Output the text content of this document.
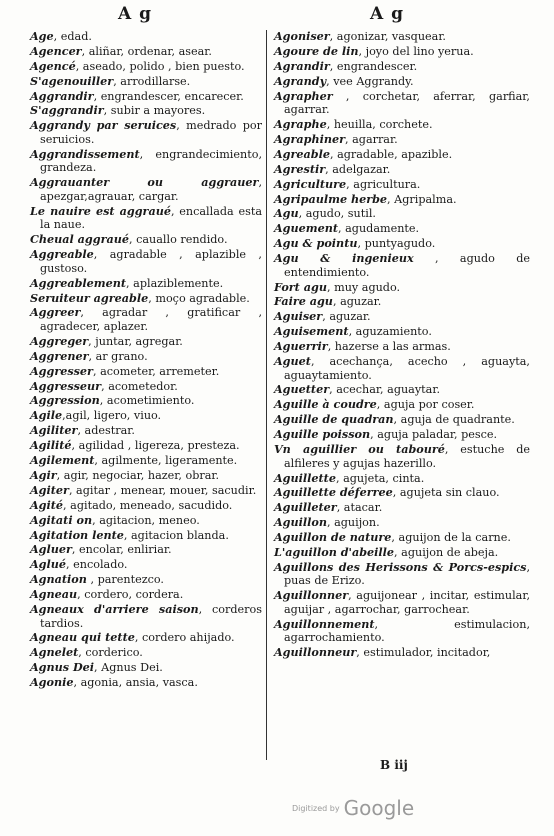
A g	A g

Age, edad.

Agencer, aliñar, ordenar, asear.

Agencé, aseado, polido , bien puesto.

S'agenouiller, arrodillarse.

Aggrandir, engrandescer, encarecer.

S'aggrandir, subir a mayores.

Aggrandy par seruices, medrado por seruicios.

Aggrandissement, engrandecimiento, grandeza.

Aggrauanter ou aggrauer, apezgar,agrauar, cargar.

Le nauire est aggraué, encallada esta la naue.

Cheual aggraué, cauallo rendido.

Aggreable, agradable , aplazible , gustoso.

Aggreablement, aplaziblemente.

Seruiteur agreable, moço agradable.

Aggreer, agradar , gratificar , agradecer, aplazer.

Aggreger, juntar, agregar.

Aggrener, ar grano.

Aggresser, acometer, arremeter.

Aggresseur, acometedor.

Aggression, acometimiento.

Agile,agil, ligero, viuo.

Agiliter, adestrar.

Agilité, agilidad , ligereza, presteza.

Agilement, agilmente, ligeramente.

Agir, agir, negociar, hazer, obrar.

Agiter, agitar , menear, mouer, sacudir.

Agité, agitado, meneado, sacudido.

Agitati on, agitacion, meneo.

Agitation lente, agitacion blanda.

Agluer, encolar, enliriar.

Aglué, encolado.

Agnation , parentezco.

Agneau, cordero, cordera.

Agneaux d'arriere saison, corderos tardios.

Agneau qui tette, cordero ahijado.

Agnelet, corderico.

Agnus Dei, Agnus Dei.

Agonie, agonia, ansia, vasca.

Agoniser, agonizar, vasquear.

Agoure de lin, joyo del lino yerua.

Agrandir, engrandescer.

Agrandy, vee Aggrandy.

Agrapher , corchetar, aferrar, garfiar, agarrar.

Agraphe, heuilla, corchete.

Agraphiner, agarrar.

Agreable, agradable, apazible.

Agrestir, adelgazar.

Agriculture, agricultura.

Agripaulme herbe, Agripalma.

Agu, agudo, sutil.

Aguement, agudamente.

Agu & pointu, puntyagudo.

Agu & ingenieux , agudo de entendimiento.

Fort agu, muy agudo.

Faire agu, aguzar.

Aguiser, aguzar.

Aguisement, aguzamiento.

Aguerrir, hazerse a las armas.

Aguet, acechança, acecho , aguayta, aguaytamiento.

Aguetter, acechar, aguaytar.

Aguille à coudre, aguja por coser.

Aguille de quadran, aguja de quadrante.

Aguille poisson, aguja paladar, pesce.

Vn aguillier ou tabouré, estuche de alfileres y agujas hazerillo.

Aguillette, agujeta, cinta.

Aguillette déferree, agujeta sin clauo.

Aguilleter, atacar.

Aguillon, aguijon.

Aguillon de nature, aguijon de la carne.

L'aguillon d'abeille, aguijon de abeja.

Aguillons des Herissons & Porcs-espics, puas de Erizo.

Aguillonner, aguijonear , incitar, estimular, aguijar , agarrochar, garrochear.

Aguillonnement, estimulacion, agarrochamiento.

Aguillonneur, estimulador, incitador,

B iij
Digitized by Google
